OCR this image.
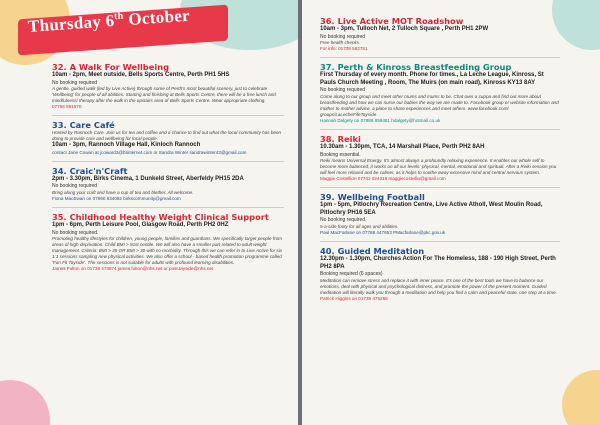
Thursday 6th October
32. A Walk For Wellbeing
10am - 2pm, Meet outside, Bells Sports Centre, Perth PH1 5HS
No booking required
A gentle, guided walk (led by Live Active) through some of Perth's most beautiful scenery, just to celebrate 'Wellbeing' for people of all abilities. Starting and finishing at Bells Sports Centre, there will be a free lunch and mindfulness/ therapy after the walk in the upstairs area of Bells Sports Centre. Wear appropriate clothing.
07766 991570
33. Care Café
Hosted by Rannoch Care. Join us for tea and coffee and a chance to find out what the local community has been doing to provide care and wellbeing for local people.
10am - 3pm, Rannoch Village Hall, Kinloch Rannoch
contact Jane Cowan at jcoward3@btinternet.com or Sandra Winter sandrawinter43@gmail.com
34. Craic'n'Craft
2pm - 3.30pm, Birks Cinema, 1 Dunkeld Street, Aberfeldy PH15 2DA
No booking required
Bring along your craft and have a cup of tea and blether. All welcome.
Fiona MacEwan on 07990 834092 birkscommunity@gmail.com
35. Childhood Healthy Weight Clinical Support
1pm - 6pm, Perth Leisure Pool, Glasgow Road, Perth PH2 0HZ
No booking required.
Promoting healthy lifestyles for children, young people, families and guardians. We specifically target people from areas of high deprivation. Child BMI > 91st centile. We will also have a smaller part related to adult weight management. Criteria: BMI > 35 OR BMI > 30 with co-morbidity. Through this we can refer in to Live Active for six 1:1 sessions sampling new physical activities. We also offer a school - based health promotion programme called 'Fun Fit Tayside'. The sessions is not suitable for adults with profound learning disabilities.
James Fulton on 01738 473874 james.fulton@nhs.net or post.tayside@nhs.net
36. Live Active MOT Roadshow
10am - 3pm, Tulloch Net, 2 Tulloch Square , Perth PH1 2PW
No booking required
Free health checks.
For info: 01738 562751
37. Perth & Kinross Breastfeeding Group
First Thursday of every month. Phone for times., La Leche League, Kinross, St Pauls Church Meeting , Room, The Muirs (on main road), Kinross KY13 8AY
No booking required
Come along to our group and meet other mums and mums to be. Chat over a cuppa and find out more about breastfeeding and how we can nurse our babies the way we are made to. Facebook group or website information and mother to mother advice, a place to share experiences and meet others. www.facebook.com/ groups/LaLecheFifeTayside
Hannah Dalgety on 07886 859461 hdalgety@hotmail.co.uk
38. Reiki
10.30am - 1.30pm, TCA, 14 Marshall Place, Perth PH2 8AH
Booking essential.
Reiki means Universal Energy. It's almost always a profoundly relaxing experience. It enables our whole self to become more balanced, it works on all our levels: physical, mental, emotional and spiritual. After a Reiki session you will feel more relaxed and be calmer, as it helps to soothe away excessive mind and central nervous system.
Maggie Costellion 07703 024318 maggiecostellio@gmail.com
39. Wellbeing Football
1pm - 5pm, Pitlochry Recreation Centre, Live Active Atholl, West Moulin Road, Pitlochry PH16 5EA
No booking required.
5-a-side footy for all ages and abilities.
Paul MacFarlane on 07788 447653 PMacfarlane@pkc.gov.uk
40. Guided Meditation
12.30pm - 1.30pm, Churches Action For The Homeless, 188 - 190 High Street, Perth PH2 8PA
Booking required (6 spaces)
Meditation can remove stress and replace it with inner peace. It's one of the best tools we have to balance our emotions, deal with physical and psychological distress, and promote the power of the present moment. Guided meditation will literally walk you through a meditation and help you find a calm and peaceful state, one step at a time.
Patrick Higgins on 01738 475259
